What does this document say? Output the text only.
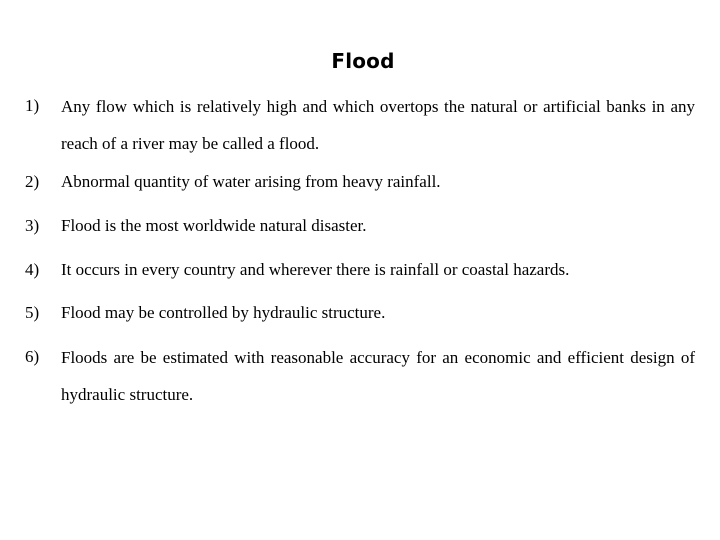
Flood
1) Any flow which is relatively high and which overtops the natural or artificial banks in any reach of a river may be called a flood.
2) Abnormal quantity of water arising from heavy rainfall.
3) Flood is the most worldwide natural disaster.
4) It occurs in every country and wherever there is rainfall or coastal hazards.
5) Flood may be controlled by hydraulic structure.
6) Floods are be estimated with reasonable accuracy for an economic and efficient design of hydraulic structure.
